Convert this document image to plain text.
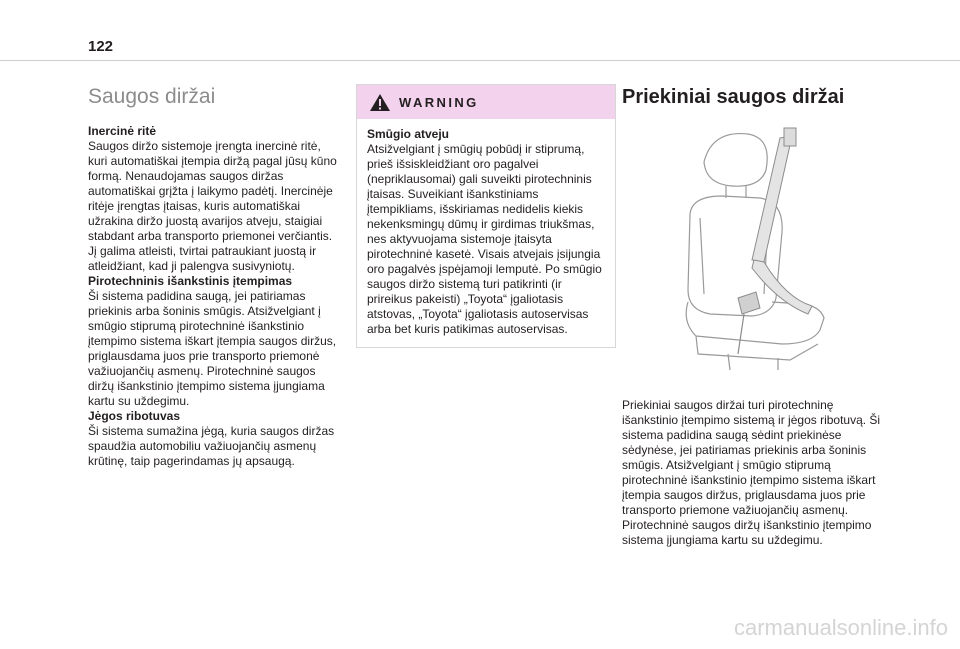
122
Saugos diržai
Inercinė ritė
Saugos diržo sistemoje įrengta inercinė ritė, kuri automatiškai įtempia diržą pagal jūsų kūno formą. Nenaudojamas saugos diržas automatiškai grįžta į laikymo padėtį. Inercinėje ritėje įrengtas įtaisas, kuris automatiškai užrakina diržo juostą avarijos atveju, staigiai stabdant arba transporto priemonei verčiantis. Jį galima atleisti, tvirtai patraukiant juostą ir atleidžiant, kad ji palengva susivyniotų.
Pirotechninis išankstinis įtempimas
Ši sistema padidina saugą, jei patiriamas priekinis arba šoninis smūgis. Atsižvelgiant į smūgio stiprumą pirotechninė išankstinio įtempimo sistema iškart įtempia saugos diržus, priglausdama juos prie transporto priemonė važiuojančių asmenų. Pirotechninė saugos diržų išankstinio įtempimo sistema įjungiama kartu su uždegimu.
Jėgos ribotuvas
Ši sistema sumažina jėgą, kuria saugos diržas spaudžia automobiliu važiuojančių asmenų krūtinę, taip pagerindamas jų apsaugą.
WARNING
Smūgio atveju
Atsižvelgiant į smūgių pobūdį ir stiprumą, prieš išsiskleidžiant oro pagalvei (nepriklausomai) gali suveikti pirotechninis įtaisas. Suveikiant išankstiniams įtempikliams, išskiriamas nedidelis kiekis nekenksmingų dūmų ir girdimas triukšmas, nes aktyvuojama sistemoje įtaisyta pirotechninė kasetė. Visais atvejais įsijungia oro pagalvės įspėjamoji lemputė. Po smūgio saugos diržo sistemą turi patikrinti (ir prireikus pakeisti) „Toyota“ įgaliotasis atstovas, „Toyota“ įgaliotasis autoservisas arba bet kuris patikimas autoservisas.
Priekiniai saugos diržai
Priekiniai saugos diržai turi pirotechninę išankstinio įtempimo sistemą ir jėgos ribotuvą. Ši sistema padidina saugą sėdint priekinėse sėdynėse, jei patiriamas priekinis arba šoninis smūgis. Atsižvelgiant į smūgio stiprumą pirotechninė išankstinio įtempimo sistema iškart įtempia saugos diržus, priglausdama juos prie transporto priemone važiuojančių asmenų. Pirotechninė saugos diržų išankstinio įtempimo sistema įjungiama kartu su uždegimu.
carmanualsonline.info
